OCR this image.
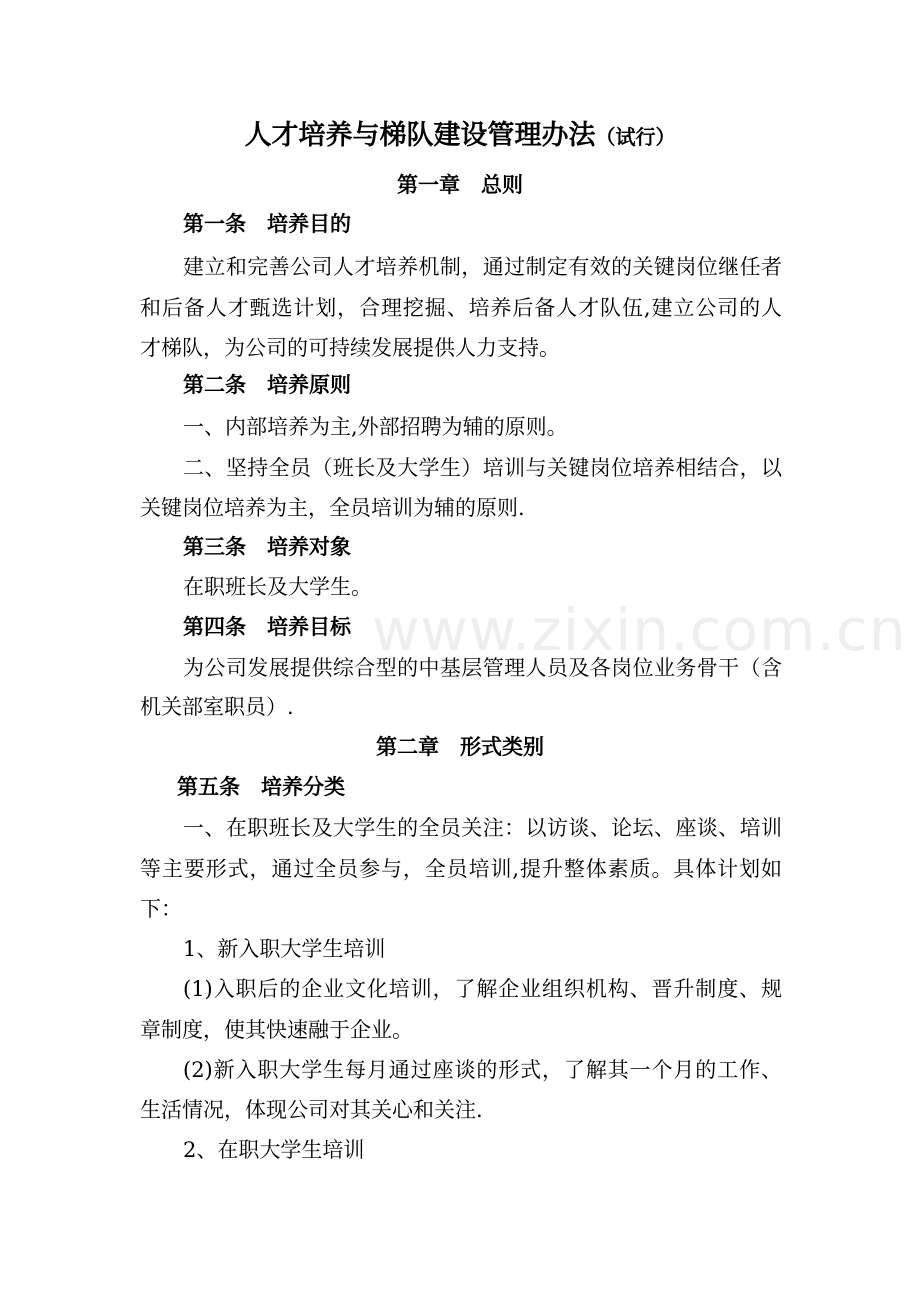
www.zixin.com.cn
人才培养与梯队建设管理办法（试行）
第一章　总则
第一条　培养目的
建立和完善公司人才培养机制，通过制定有效的关键岗位继任者
和后备人才甄选计划，合理挖掘、培养后备人才队伍,建立公司的人
才梯队，为公司的可持续发展提供人力支持。
第二条　培养原则
一、内部培养为主,外部招聘为辅的原则。
二、坚持全员（班长及大学生）培训与关键岗位培养相结合，以
关键岗位培养为主，全员培训为辅的原则.
第三条　培养对象
在职班长及大学生。
第四条　培养目标
为公司发展提供综合型的中基层管理人员及各岗位业务骨干（含
机关部室职员）.
第二章　形式类别
第五条　培养分类
一、在职班长及大学生的全员关注：以访谈、论坛、座谈、培训
等主要形式，通过全员参与，全员培训,提升整体素质。具体计划如
下：
1、新入职大学生培训
(1)入职后的企业文化培训，了解企业组织机构、晋升制度、规
章制度，使其快速融于企业。
(2)新入职大学生每月通过座谈的形式，了解其一个月的工作、
生活情况，体现公司对其关心和关注.
2、在职大学生培训
